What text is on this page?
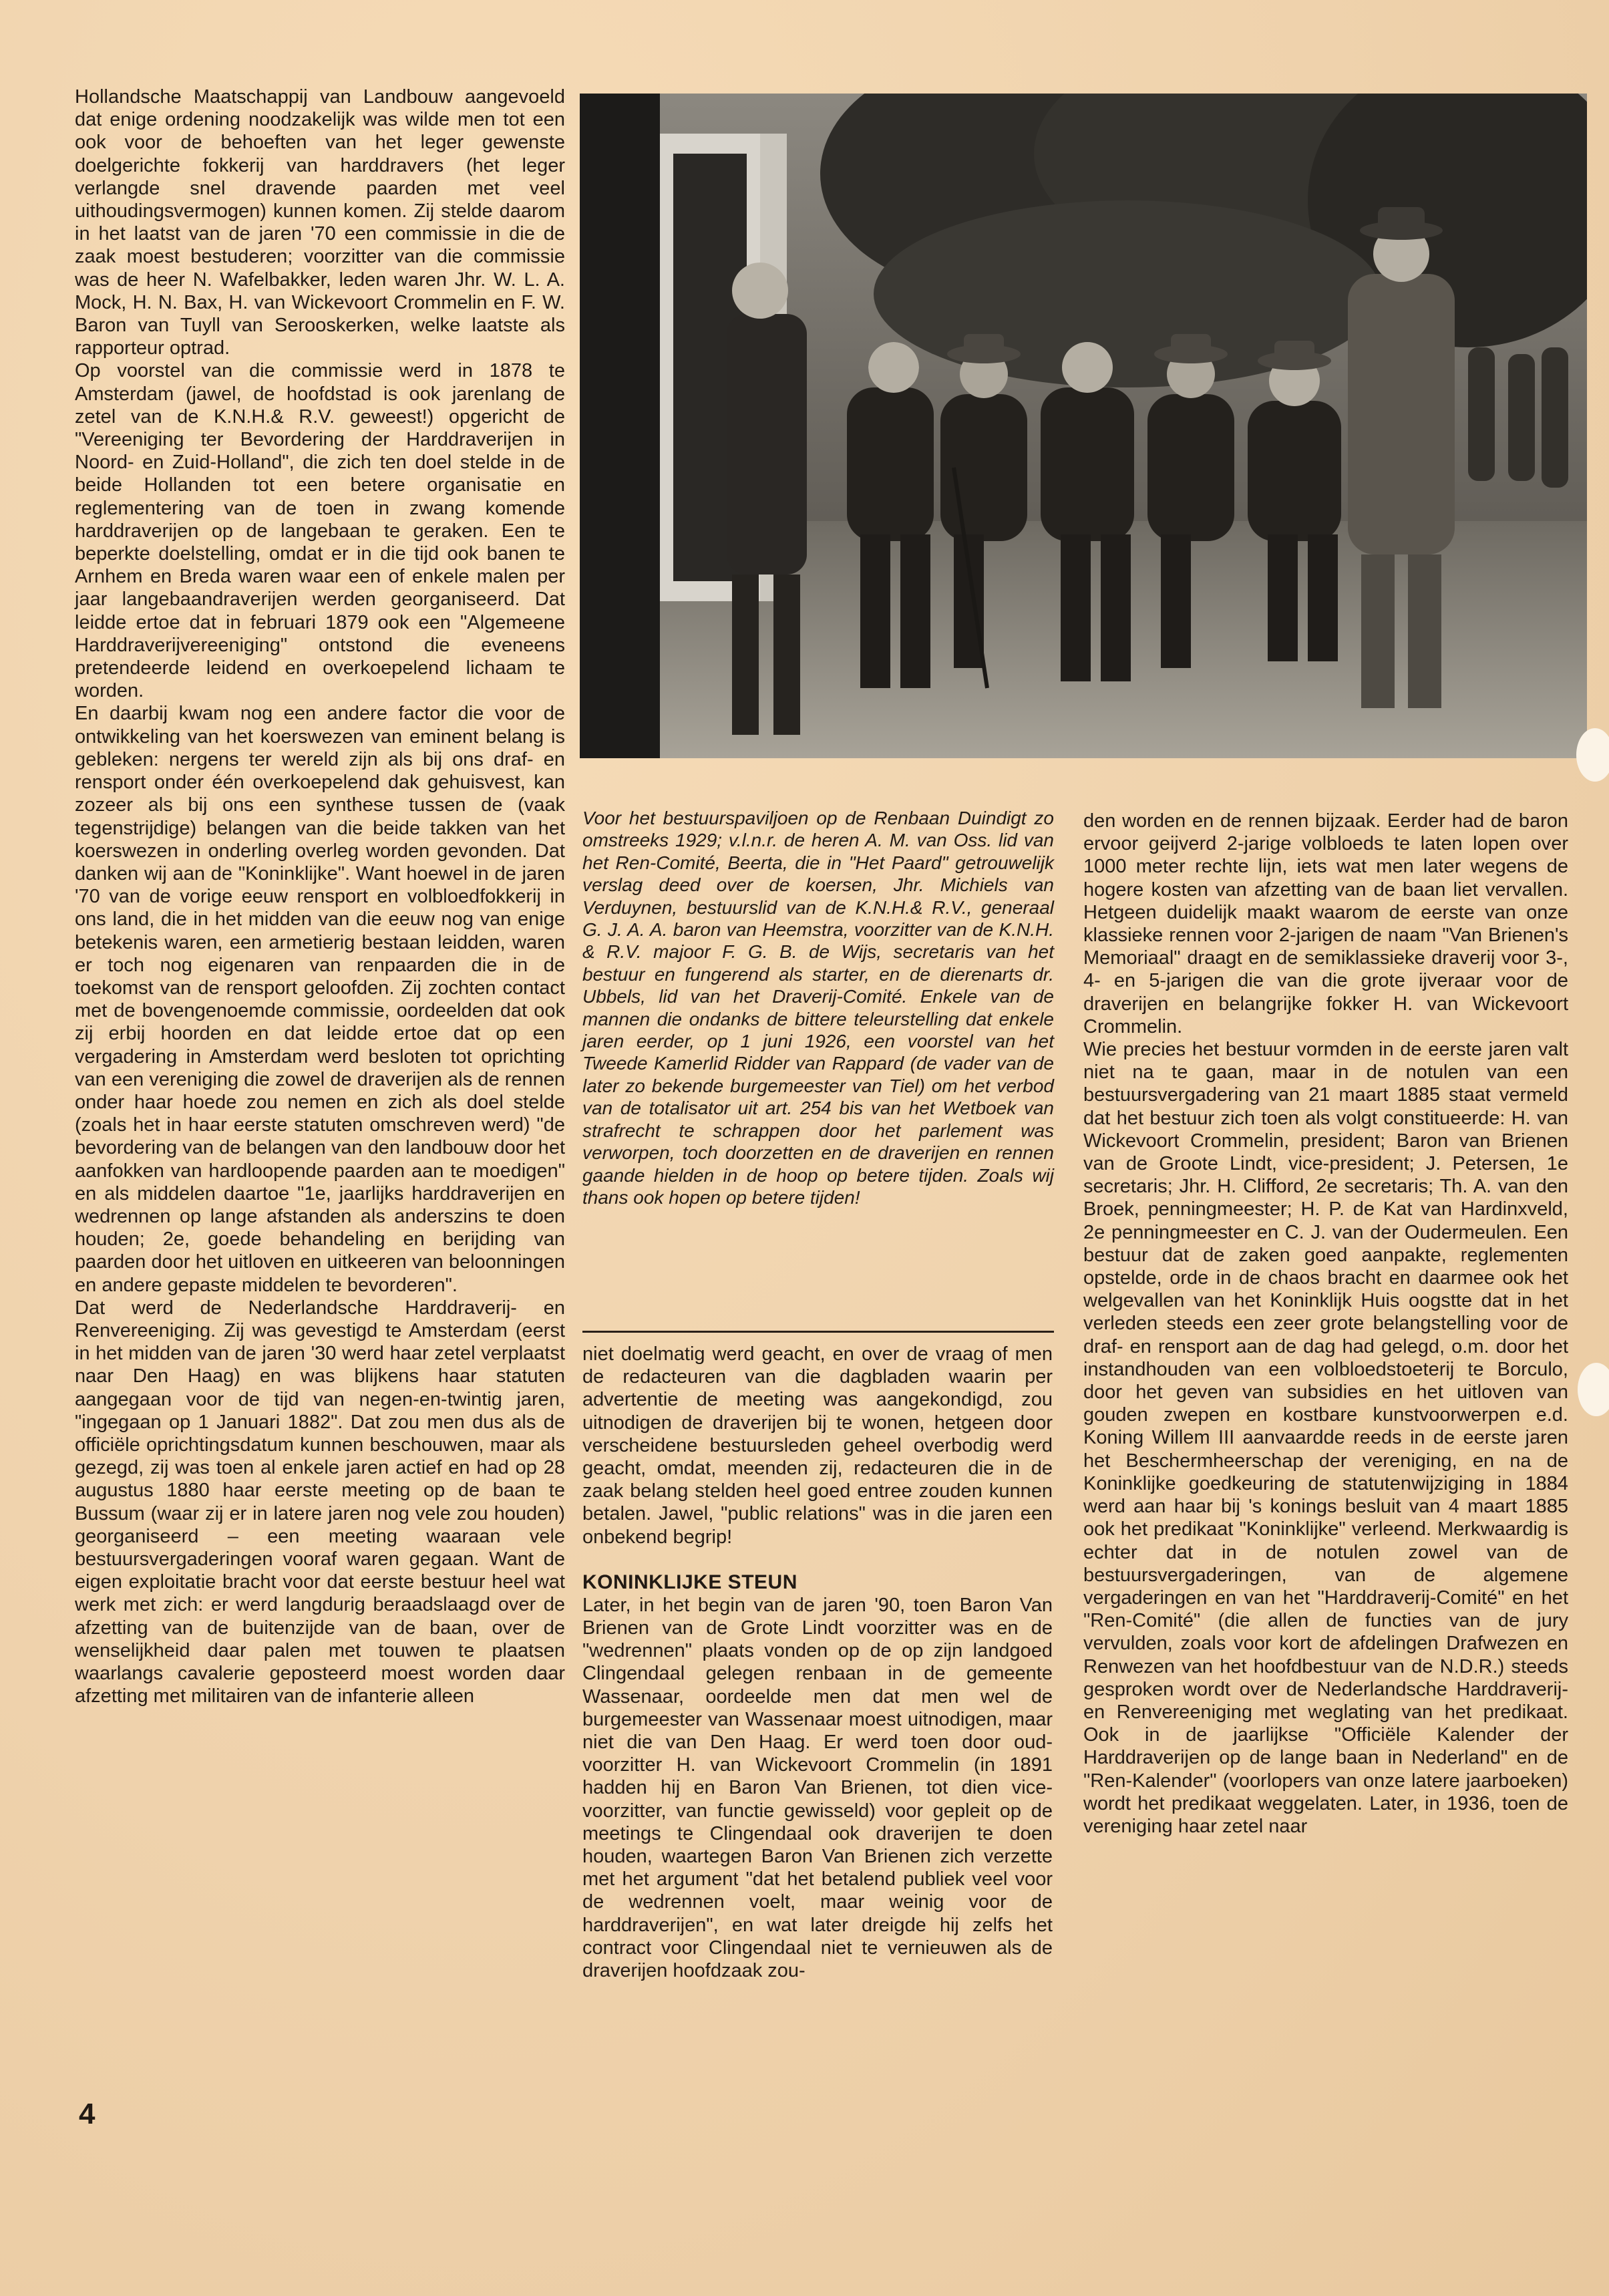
Hollandsche Maatschappij van Landbouw aangevoeld dat enige ordening noodzakelijk was wilde men tot een ook voor de behoeften van het leger gewenste doelgerichte fokkerij van harddravers (het leger verlangde snel dravende paarden met veel uithoudingsvermogen) kunnen komen. Zij stelde daarom in het laatst van de jaren '70 een commissie in die de zaak moest bestuderen; voorzitter van die commissie was de heer N. Wafelbakker, leden waren Jhr. W. L. A. Mock, H. N. Bax, H. van Wickevoort Crommelin en F. W. Baron van Tuyll van Serooskerken, welke laatste als rapporteur optrad.

Op voorstel van die commissie werd in 1878 te Amsterdam (jawel, de hoofdstad is ook jarenlang de zetel van de K.N.H.& R.V. geweest!) opgericht de "Vereeniging ter Bevordering der Harddraverijen in Noord- en Zuid-Holland", die zich ten doel stelde in de beide Hollanden tot een betere organisatie en reglementering van de toen in zwang komende harddraverijen op de langebaan te geraken. Een te beperkte doelstelling, omdat er in die tijd ook banen te Arnhem en Breda waren waar een of enkele malen per jaar langebaandraverijen werden georganiseerd. Dat leidde ertoe dat in februari 1879 ook een "Algemeene Harddraverijvereeniging" ontstond die eveneens pretendeerde leidend en overkoepelend lichaam te worden.

En daarbij kwam nog een andere factor die voor de ontwikkeling van het koerswezen van eminent belang is gebleken: nergens ter wereld zijn als bij ons draf- en rensport onder één overkoepelend dak gehuisvest, kan zozeer als bij ons een synthese tussen de (vaak tegenstrijdige) belangen van die beide takken van het koerswezen in onderling overleg worden gevonden. Dat danken wij aan de "Koninklijke". Want hoewel in de jaren '70 van de vorige eeuw rensport en volbloedfokkerij in ons land, die in het midden van die eeuw nog van enige betekenis waren, een armetierig bestaan leidden, waren er toch nog eigenaren van renpaarden die in de toekomst van de rensport geloofden. Zij zochten contact met de bovengenoemde commissie, oordeelden dat ook zij erbij hoorden en dat leidde ertoe dat op een vergadering in Amsterdam werd besloten tot oprichting van een vereniging die zowel de draverijen als de rennen onder haar hoede zou nemen en zich als doel stelde (zoals het in haar eerste statuten omschreven werd) "de bevordering van de belangen van den landbouw door het aanfokken van hardloopende paarden aan te moedigen" en als middelen daartoe "1e, jaarlijks harddraverijen en wedrennen op lange afstanden als anderszins te doen houden; 2e, goede behandeling en berijding van paarden door het uitloven en uitkeeren van beloonningen en andere gepaste middelen te bevorderen".

Dat werd de Nederlandsche Harddraverij- en Renvereeniging. Zij was gevestigd te Amsterdam (eerst in het midden van de jaren '30 werd haar zetel verplaatst naar Den Haag) en was blijkens haar statuten aangegaan voor de tijd van negen-en-twintig jaren, "ingegaan op 1 Januari 1882". Dat zou men dus als de officiële oprichtingsdatum kunnen beschouwen, maar als gezegd, zij was toen al enkele jaren actief en had op 28 augustus 1880 haar eerste meeting op de baan te Bussum (waar zij er in latere jaren nog vele zou houden) georganiseerd – een meeting waaraan vele bestuursvergaderingen vooraf waren gegaan. Want de eigen exploitatie bracht voor dat eerste bestuur heel wat werk met zich: er werd langdurig beraadslaagd over de afzetting van de buitenzijde van de baan, over de wenselijkheid daar palen met touwen te plaatsen waarlangs cavalerie geposteerd moest worden daar afzetting met militairen van de infanterie alleen

Voor het bestuurspaviljoen op de Renbaan Duindigt zo omstreeks 1929; v.l.n.r. de heren A. M. van Oss. lid van het Ren-Comité, Beerta, die in "Het Paard" getrouwelijk verslag deed over de koersen, Jhr. Michiels van Verduynen, bestuurslid van de K.N.H.& R.V., generaal G. J. A. A. baron van Heemstra, voorzitter van de K.N.H. & R.V. majoor F. G. B. de Wijs, secretaris van het bestuur en fungerend als starter, en de dierenarts dr. Ubbels, lid van het Draverij-Comité. Enkele van de mannen die ondanks de bittere teleurstelling dat enkele jaren eerder, op 1 juni 1926, een voorstel van het Tweede Kamerlid Ridder van Rappard (de vader van de later zo bekende burgemeester van Tiel) om het verbod van de totalisator uit art. 254 bis van het Wetboek van strafrecht te schrappen door het parlement was verworpen, toch doorzetten en de draverijen en rennen gaande hielden in de hoop op betere tijden. Zoals wij thans ook hopen op betere tijden!

niet doelmatig werd geacht, en over de vraag of men de redacteuren van die dagbladen waarin per advertentie de meeting was aangekondigd, zou uitnodigen de draverijen bij te wonen, hetgeen door verscheidene bestuursleden geheel overbodig werd geacht, omdat, meenden zij, redacteuren die in de zaak belang stelden heel goed entree zouden kunnen betalen. Jawel, "public relations" was in die jaren een onbekend begrip!

KONINKLIJKE STEUN

Later, in het begin van de jaren '90, toen Baron Van Brienen van de Grote Lindt voorzitter was en de "wedrennen" plaats vonden op de op zijn landgoed Clingendaal gelegen renbaan in de gemeente Wassenaar, oordeelde men dat men wel de burgemeester van Wassenaar moest uitnodigen, maar niet die van Den Haag. Er werd toen door oud-voorzitter H. van Wickevoort Crommelin (in 1891 hadden hij en Baron Van Brienen, tot dien vice-voorzitter, van functie gewisseld) voor gepleit op de meetings te Clingendaal ook draverijen te doen houden, waartegen Baron Van Brienen zich verzette met het argument "dat het betalend publiek veel voor de wedrennen voelt, maar weinig voor de harddraverijen", en wat later dreigde hij zelfs het contract voor Clingendaal niet te vernieuwen als de draverijen hoofdzaak zou-

den worden en de rennen bijzaak. Eerder had de baron ervoor geijverd 2-jarige volbloeds te laten lopen over 1000 meter rechte lijn, iets wat men later wegens de hogere kosten van afzetting van de baan liet vervallen. Hetgeen duidelijk maakt waarom de eerste van onze klassieke rennen voor 2-jarigen de naam "Van Brienen's Memoriaal" draagt en de semiklassieke draverij voor 3-, 4- en 5-jarigen die van die grote ijveraar voor de draverijen en belangrijke fokker H. van Wickevoort Crommelin.

Wie precies het bestuur vormden in de eerste jaren valt niet na te gaan, maar in de notulen van een bestuursvergadering van 21 maart 1885 staat vermeld dat het bestuur zich toen als volgt constitueerde: H. van Wickevoort Crommelin, president; Baron van Brienen van de Groote Lindt, vice-president; J. Petersen, 1e secretaris; Jhr. H. Clifford, 2e secretaris; Th. A. van den Broek, penningmeester; H. P. de Kat van Hardinxveld, 2e penningmeester en C. J. van der Oudermeulen. Een bestuur dat de zaken goed aanpakte, reglementen opstelde, orde in de chaos bracht en daarmee ook het welgevallen van het Koninklijk Huis oogstte dat in het verleden steeds een zeer grote belangstelling voor de draf- en rensport aan de dag had gelegd, o.m. door het instandhouden van een volbloedstoeterij te Borculo, door het geven van subsidies en het uitloven van gouden zwepen en kostbare kunstvoorwerpen e.d. Koning Willem III aanvaardde reeds in de eerste jaren het Beschermheerschap der vereniging, en na de Koninklijke goedkeuring de statutenwijziging in 1884 werd aan haar bij 's konings besluit van 4 maart 1885 ook het predikaat "Koninklijke" verleend. Merkwaardig is echter dat in de notulen zowel van de bestuursvergaderingen, van de algemene vergaderingen en van het "Harddraverij-Comité" en het "Ren-Comité" (die allen de functies van de jury vervulden, zoals voor kort de afdelingen Drafwezen en Renwezen van het hoofdbestuur van de N.D.R.) steeds gesproken wordt over de Nederlandsche Harddraverij- en Renvereeniging met weglating van het predikaat. Ook in de jaarlijkse "Officiële Kalender der Harddraverijen op de lange baan in Nederland" en de "Ren-Kalender" (voorlopers van onze latere jaarboeken) wordt het predikaat weggelaten. Later, in 1936, toen de vereniging haar zetel naar

4
